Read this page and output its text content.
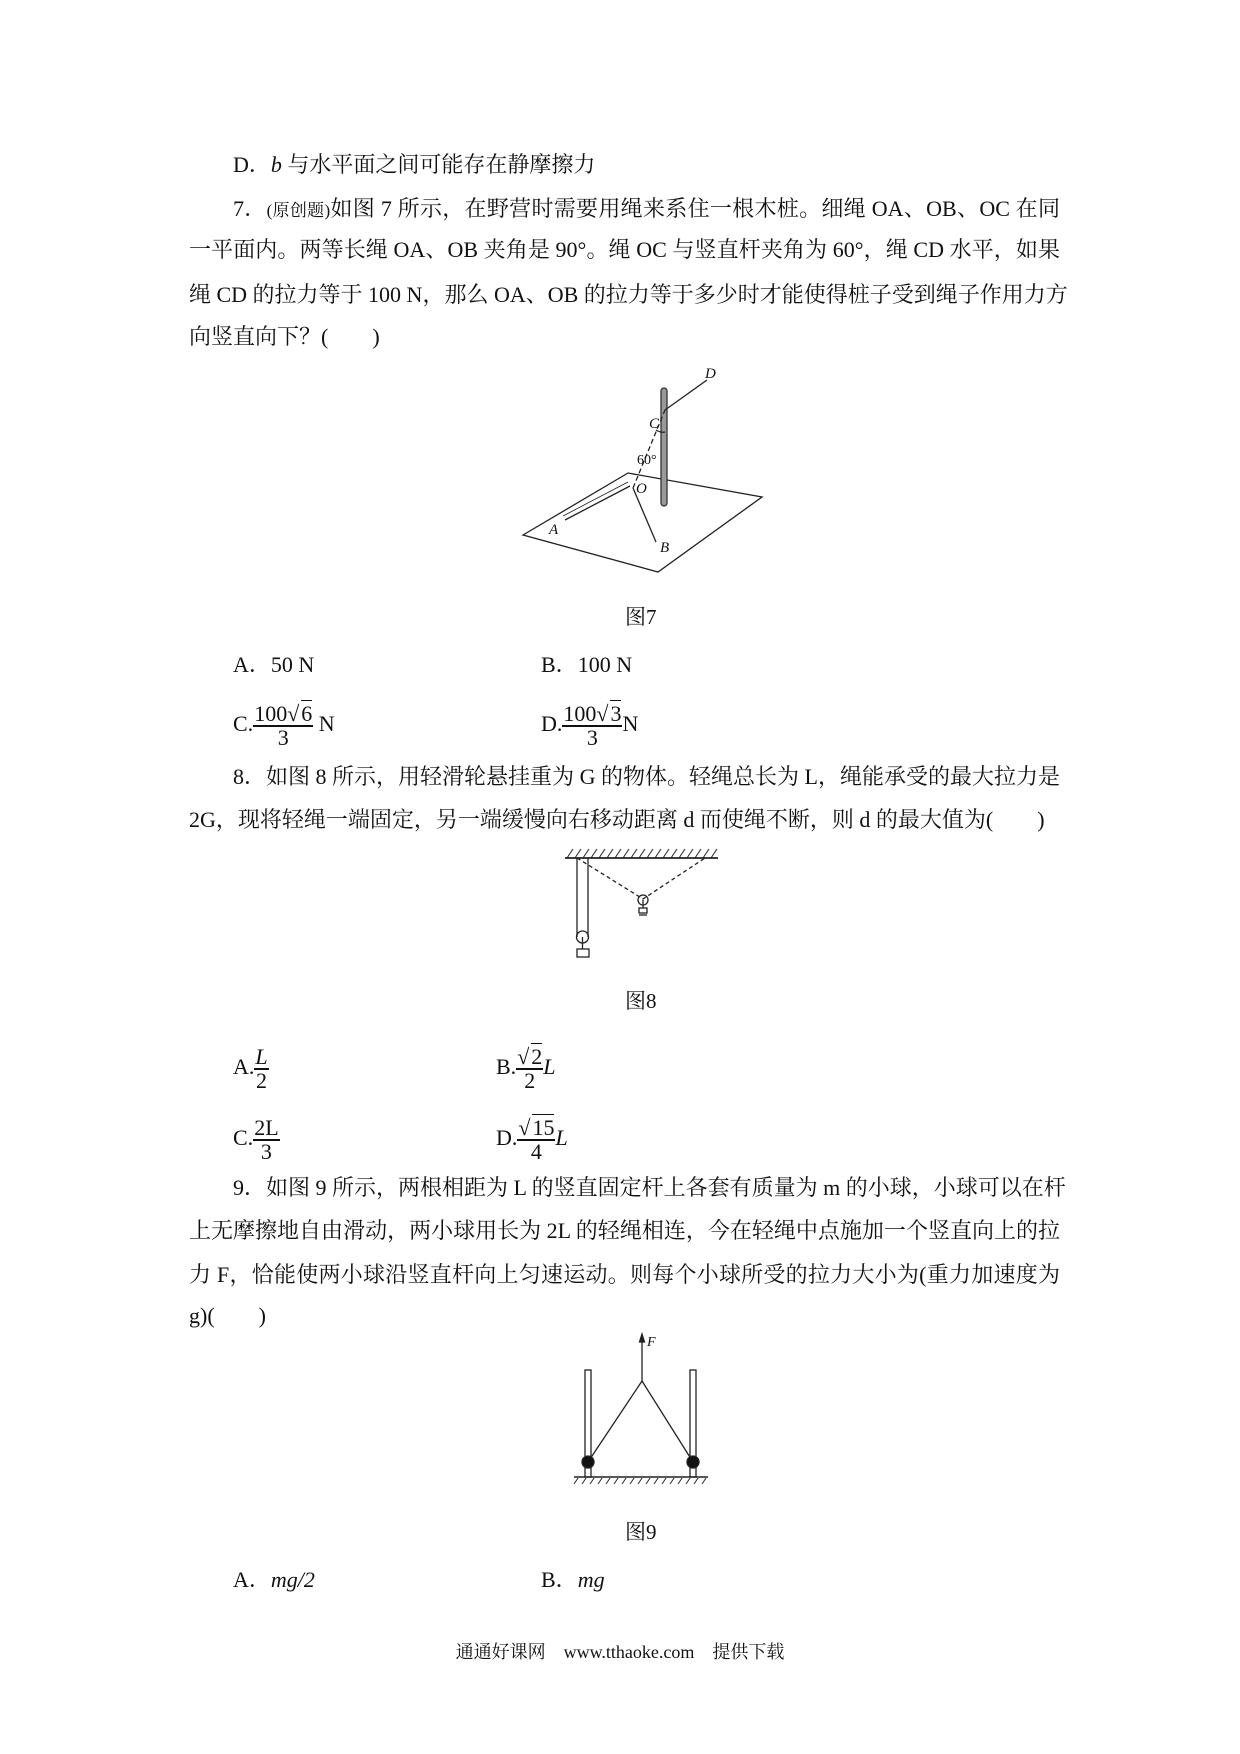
D．b 与水平面之间可能存在静摩擦力
7．(原创题)如图 7 所示，在野营时需要用绳来系住一根木桩。细绳 OA、OB、OC 在同
一平面内。两等长绳 OA、OB 夹角是 90°。绳 OC 与竖直杆夹角为 60°，绳 CD 水平，如果
绳 CD 的拉力等于 100 N，那么 OA、OB 的拉力等于多少时才能使得桩子受到绳子作用力方
向竖直向下？(　　)
D
C
O
A
B
60°
F
图7
A．50 N	B．100 N
C. $\frac{100√6}{3}$ N	D. $\frac{100√3}{3}$ N
8．如图 8 所示，用轻滑轮悬挂重为 G 的物体。轻绳总长为 L，绳能承受的最大拉力是
2G，现将轻绳一端固定，另一端缓慢向右移动距离 d 而使绳不断，则 d 的最大值为(　　)
图8
A. $\frac{L}{2}$	B. $\frac{√2}{2}$ L
C. $\frac{2L}{3}$	D. $\frac{√15}{4}$ L
9．如图 9 所示，两根相距为 L 的竖直固定杆上各套有质量为 m 的小球，小球可以在杆
上无摩擦地自由滑动，两小球用长为 2L 的轻绳相连，今在轻绳中点施加一个竖直向上的拉
力 F，恰能使两小球沿竖直杆向上匀速运动。则每个小球所受的拉力大小为(重力加速度为
g)(　　)
图9
A．mg/2	B．mg
通通好课网　www.tthaoke.com　提供下载
